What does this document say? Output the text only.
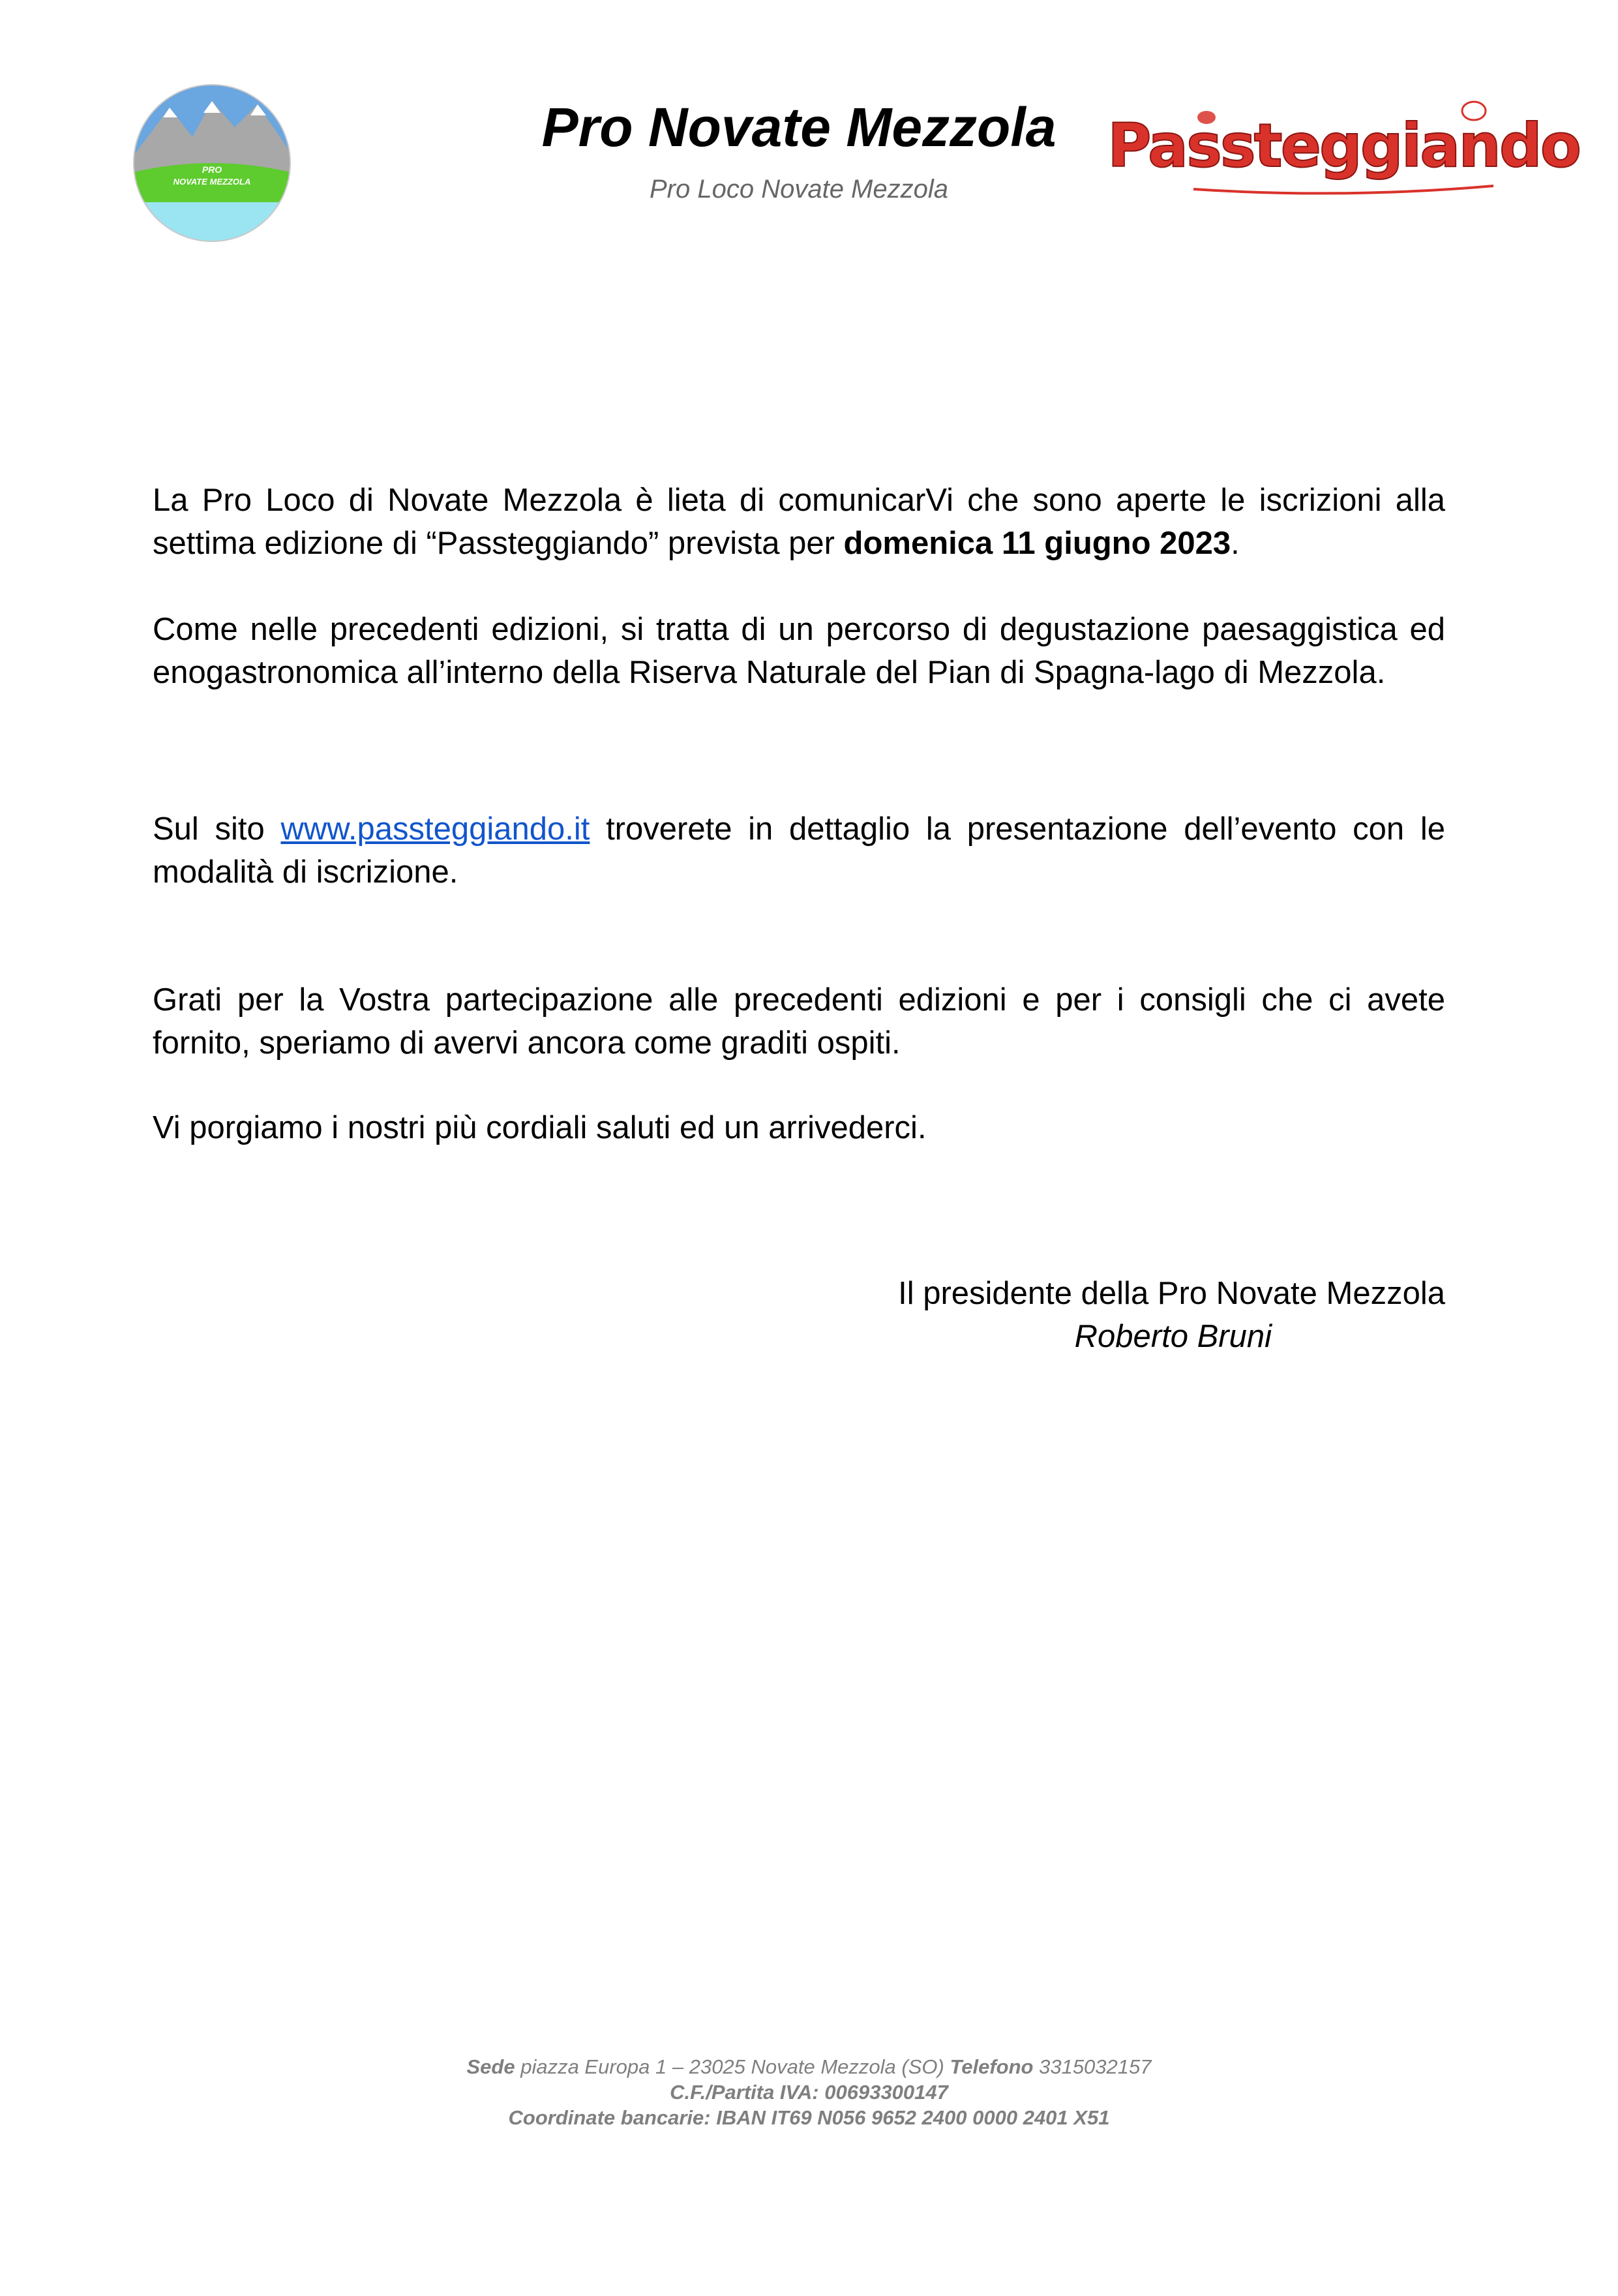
PRO
NOVATE MEZZOLA
Pro Novate Mezzola
Pro Loco Novate Mezzola
Passteggiando
La Pro Loco di Novate Mezzola è lieta di comunicarVi che sono aperte le iscrizioni alla settima edizione di “Passteggiando” prevista per domenica 11 giugno 2023.
Come nelle precedenti edizioni, si tratta di un percorso di degustazione paesaggistica ed enogastronomica all’interno della Riserva Naturale del Pian di Spagna-lago di Mezzola.
Sul sito www.passteggiando.it troverete in dettaglio la presentazione dell’evento con le modalità di iscrizione.
Grati per la Vostra partecipazione alle precedenti edizioni e per i consigli che ci avete fornito, speriamo di avervi ancora come graditi ospiti.
Vi porgiamo i nostri più cordiali saluti ed un arrivederci.
Il presidente della Pro Novate Mezzola
Roberto Bruni
Sede piazza Europa 1 – 23025 Novate Mezzola (SO) Telefono 3315032157
C.F./Partita IVA: 00693300147
Coordinate bancarie: IBAN IT69 N056 9652 2400 0000 2401 X51
